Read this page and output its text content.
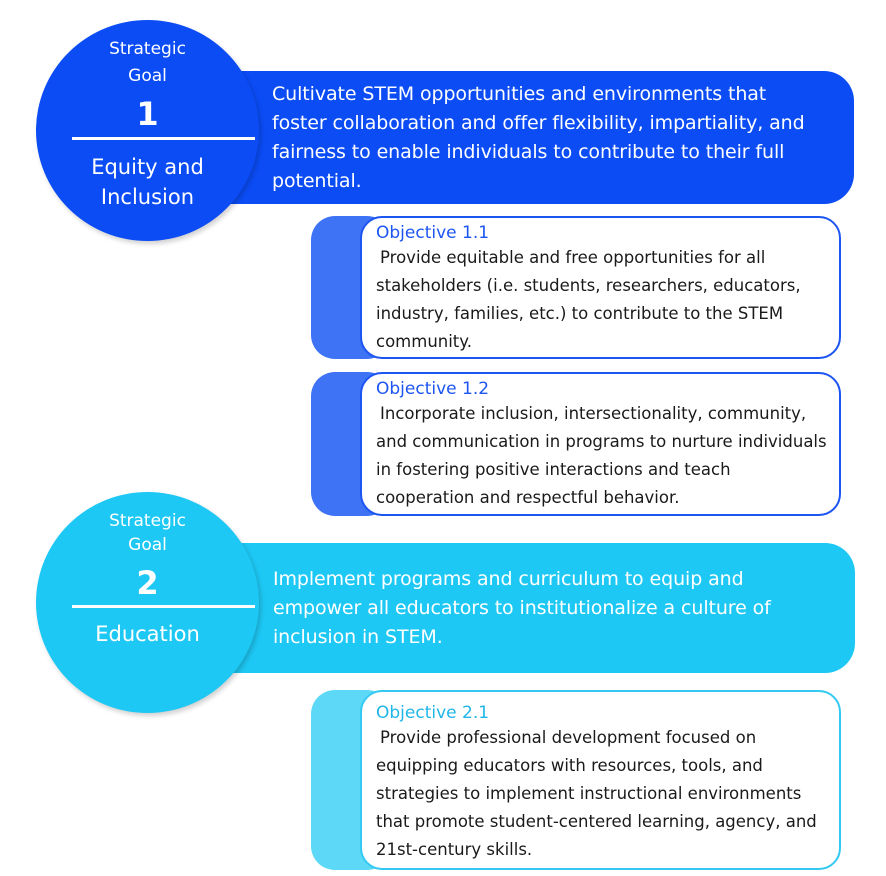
Cultivate STEM opportunities and environments that foster collaboration and offer flexibility, impartiality, and fairness to enable individuals to contribute to their full potential.
Strategic
Goal
1
Equity and
Inclusion
Objective 1.1
Provide equitable and free opportunities for all stakeholders (i.e. students, researchers, educators, industry, families, etc.) to contribute to the STEM community.
Objective 1.2
Incorporate inclusion, intersectionality, community, and communication in programs to nurture individuals in fostering positive interactions and teach cooperation and respectful behavior.
Implement programs and curriculum to equip and empower all educators to institutionalize a culture of inclusion in STEM.
Strategic
Goal
2
Education
Objective 2.1
Provide professional development focused on equipping educators with resources, tools, and strategies to implement instructional environments that promote student-centered learning, agency, and 21st-century skills.
